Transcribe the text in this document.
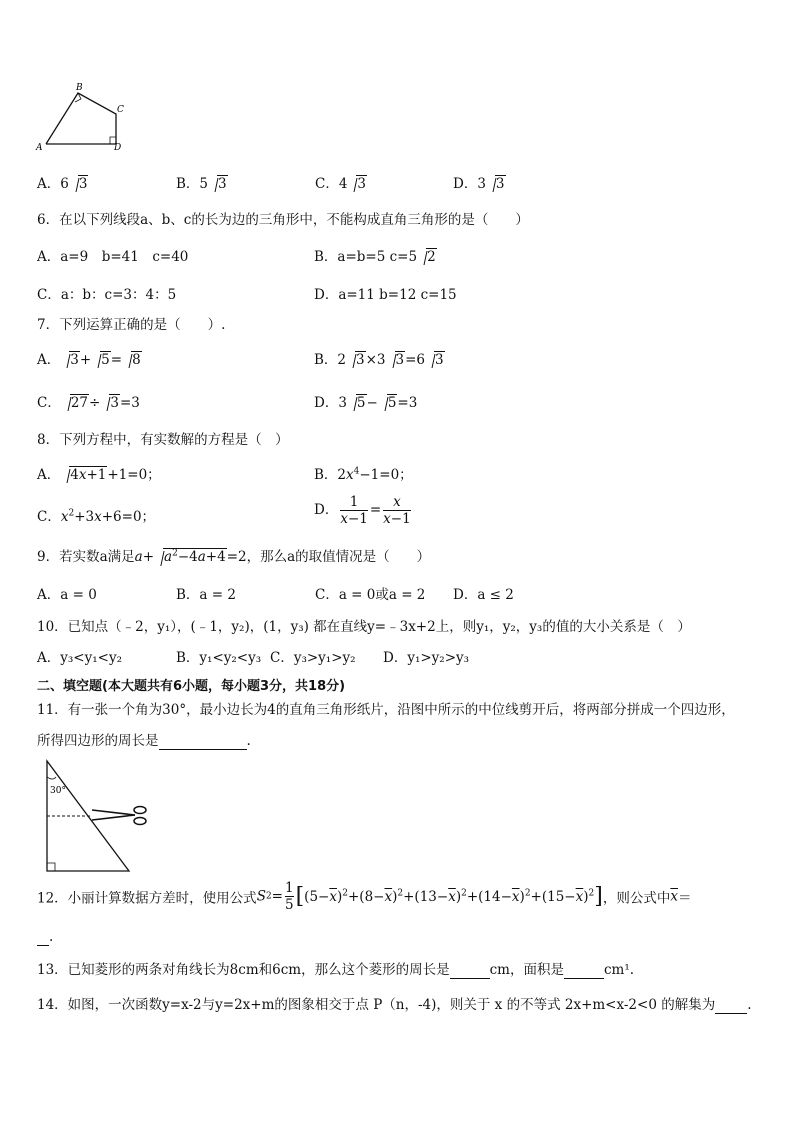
B
C
A	D
A．6 3	B．5 3	C．4 3	D．3 3
6．在以下列线段a、b、c的长为边的三角形中，不能构成直角三角形的是（　　）
A．a=9　b=41　c=40	B．a=b=5 c=5 2
C．a：b：c=3：4：5	D．a=11 b=12 c=15
7．下列运算正确的是（　　）.
A． 3+ 5= 8	B．2 3×3 3=6 3
C． 27÷ 3=3	D．3 5− 5=3
8．下列方程中，有实数解的方程是（　）
A． 4x+1+1=0；	B．$2x^4-1=0$；
C．$x^2+3x+6=0$；	D． $\frac{1}{x-1} = \frac{x}{x-1}$
9．若实数a满足$a+ a^2-4a+4=2$，那么a的取值情况是（　　）
A．a = 0	B．a = 2	C．a = 0或a = 2 D．a ≤ 2
10．已知点（﹣2，y₁），(﹣1，y₂)，(1，y₃) 都在直线y=﹣3x+2上，则y₁，y₂，y₃的值的大小关系是（　）
A．y₃<y₁<y₂	B．y₁<y₂<y₃ C．y₃>y₁>y₂ D．y₁>y₂>y₃
二、填空题(本大题共有6小题，每小题3分，共18分)
11．有一张一个角为30°，最小边长为4的直角三角形纸片，沿图中所示的中位线剪开后，将两部分拼成一个四边形，
所得四边形的周长是	.
30°
12．小丽计算数据方差时，使用公式$S2= \frac{1}{5} [(5-\overline{x})^2+(8-\overline{x})^2+(13-\overline{x})^2+(14-\overline{x})^2+(15-\overline{x})^2]$，则公式中$\overline{x}=$
.
13．已知菱形的两条对角线长为8cm和6cm，那么这个菱形的周长是	cm，面积是	cm¹.
14．如图，一次函数y=x-2与y=2x+m的图象相交于点 P（n，-4)，则关于 x 的不等式 2x+m<x-2<0 的解集为 .
